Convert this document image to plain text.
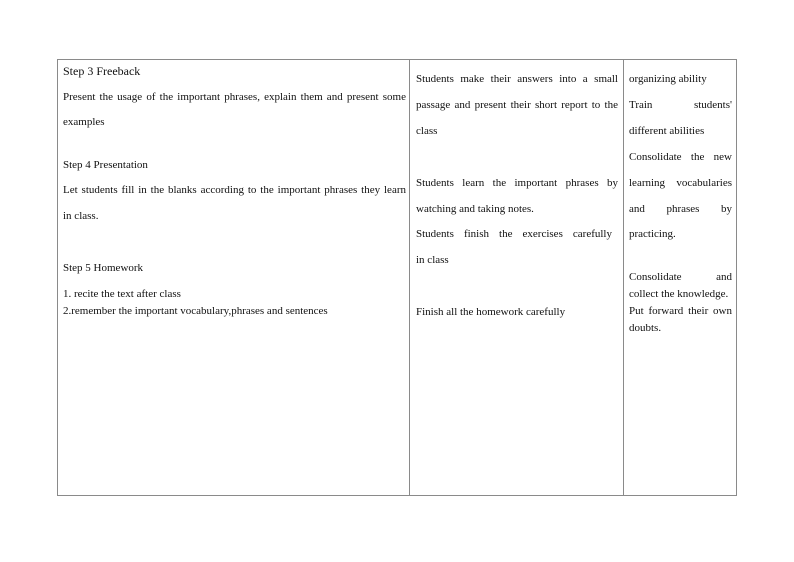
Step 3 Freeback
Present the usage of the important phrases, explain them and present some
examples
Step 4 Presentation
Let students fill in the blanks according to the important phrases they learn
in class.
Step 5 Homework
1. recite the text after class
2.remember the important vocabulary,phrases and sentences
Students make their answers into a small
passage and present their short report to the
class
Students learn the important phrases by
watching and taking notes.
Students finish the exercises carefully
in class
Finish all the homework carefully
organizing ability
Train students'
different abilities
Consolidate the new
learning vocabularies
and phrases by
practicing.
Consolidate and
collect the knowledge.
Put forward their own
doubts.
